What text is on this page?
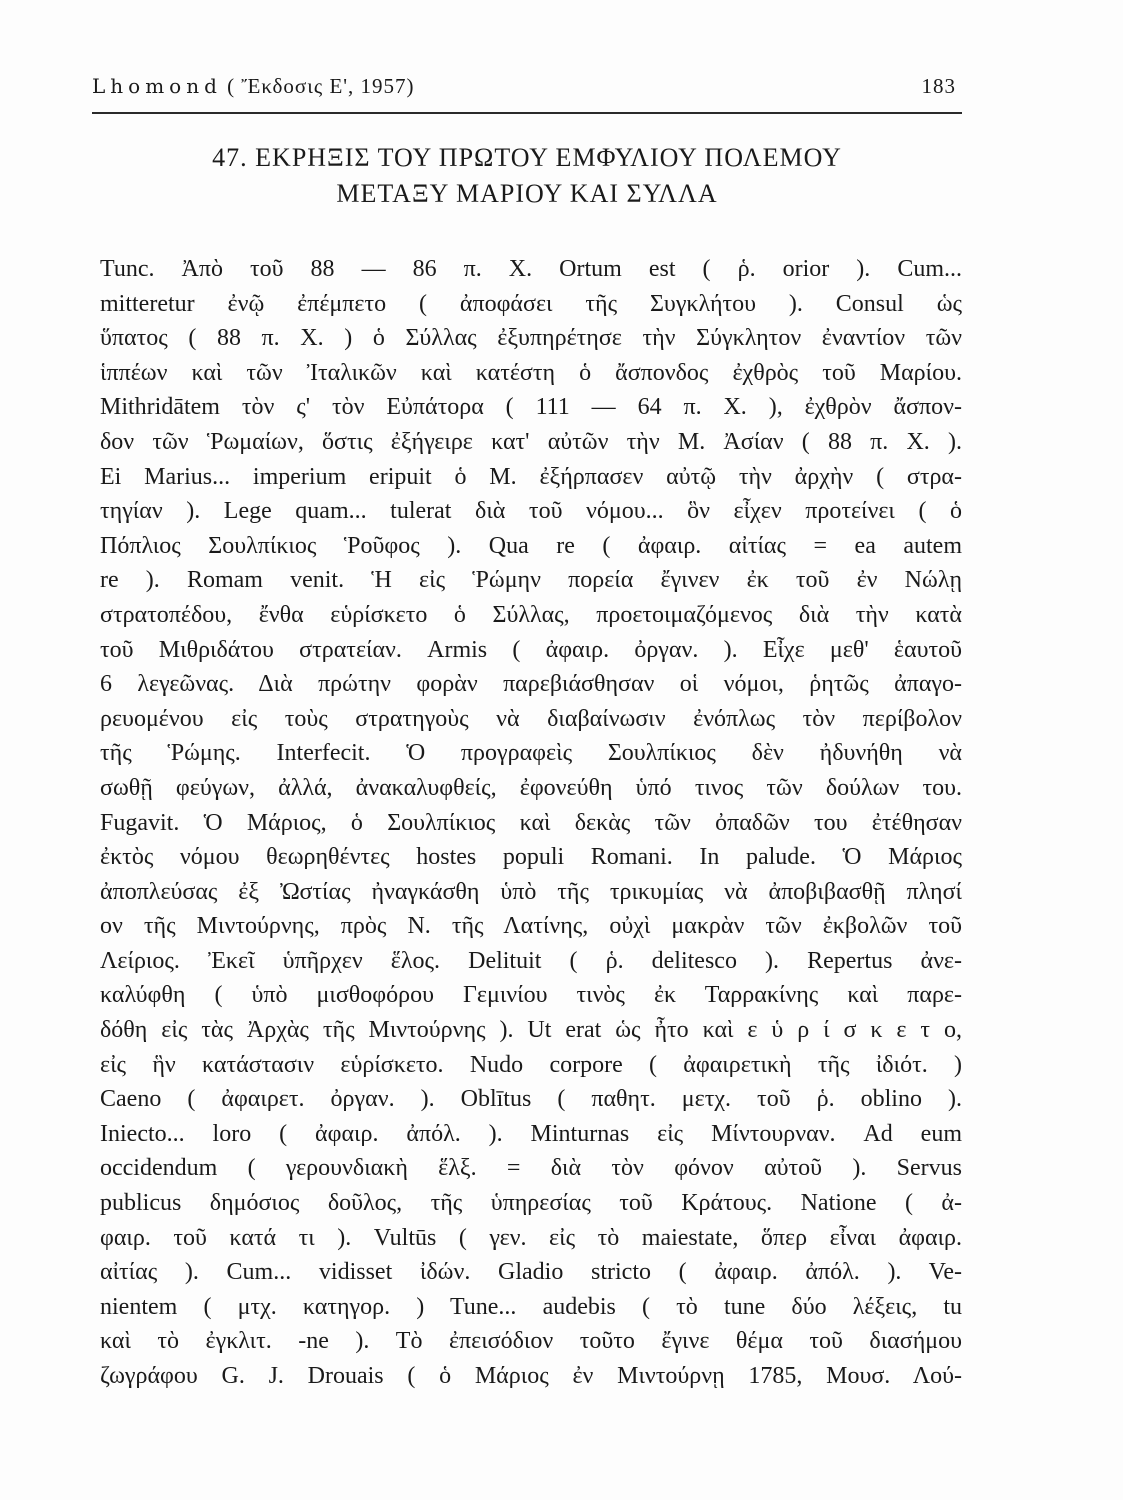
Lhomond ( Ἔκδοσις Ε', 1957)	183
47. ΕΚΡΗΞΙΣ ΤΟΥ ΠΡΩΤΟΥ ΕΜΦΥΛΙΟΥ ΠΟΛΕΜΟΥ
ΜΕΤΑΞΥ ΜΑΡΙΟΥ ΚΑΙ ΣΥΛΛΑ
Tunc. Ἀπὸ τοῦ 88 — 86 π. Χ. Ortum est ( ῥ. orior ). Cum...
mitteretur ἐνῷ ἐπέμπετο ( ἀποφάσει τῆς Συγκλήτου ). Consul ὡς
ὕπατος ( 88 π. Χ. ) ὁ Σύλλας ἐξυπηρέτησε τὴν Σύγκλητον ἐναντίον τῶν
ἱππέων καὶ τῶν Ἰταλικῶν καὶ κατέστη ὁ ἄσπονδος ἐχθρὸς τοῦ Μαρίου.
Mithridātem τὸν ς' τὸν Εὐπάτορα ( 111 — 64 π. Χ. ), ἐχθρὸν ἄσπον-
δον τῶν Ῥωμαίων, ὅστις ἐξήγειρε κατ' αὐτῶν τὴν Μ. Ἀσίαν ( 88 π. Χ. ).
Ei Marius... imperium eripuit ὁ Μ. ἐξήρπασεν αὐτῷ τὴν ἀρχὴν ( στρα-
τηγίαν ). Lege quam... tulerat διὰ τοῦ νόμου... ὃν εἶχεν προτείνει ( ὁ
Πόπλιος Σουλπίκιος Ῥοῦφος ). Qua re ( ἀφαιρ. αἰτίας = ea autem
re ). Romam venit. Ἡ εἰς Ῥώμην πορεία ἔγινεν ἐκ τοῦ ἐν Νώλῃ
στρατοπέδου, ἔνθα εὑρίσκετο ὁ Σύλλας, προετοιμαζόμενος διὰ τὴν κατὰ
τοῦ Μιθριδάτου στρατείαν. Armis ( ἀφαιρ. ὀργαν. ). Εἶχε μεθ' ἑαυτοῦ
6 λεγεῶνας. Διὰ πρώτην φορὰν παρεβιάσθησαν οἱ νόμοι, ῥητῶς ἀπαγο-
ρευομένου εἰς τοὺς στρατηγοὺς νὰ διαβαίνωσιν ἐνόπλως τὸν περίβολον
τῆς Ῥώμης. Interfecit. Ὁ προγραφεὶς Σουλπίκιος δὲν ἠδυνήθη νὰ
σωθῇ φεύγων, ἀλλά, ἀνακαλυφθείς, ἐφονεύθη ὑπό τινος τῶν δούλων του.
Fugavit. Ὁ Μάριος, ὁ Σουλπίκιος καὶ δεκὰς τῶν ὀπαδῶν του ἐτέθησαν
ἐκτὸς νόμου θεωρηθέντες hostes populi Romani. In palude. Ὁ Μάριος
ἀποπλεύσας ἐξ Ὠστίας ἠναγκάσθη ὑπὸ τῆς τρικυμίας νὰ ἀποβιβασθῇ πλησί
ον τῆς Μιντούρνης, πρὸς Ν. τῆς Λατίνης, οὐχὶ μακρὰν τῶν ἐκβολῶν τοῦ
Λείριος. Ἐκεῖ ὑπῆρχεν ἕλος. Delituit ( ῥ. delitesco ). Repertus ἀνε-
καλύφθη ( ὑπὸ μισθοφόρου Γεμινίου τινὸς ἐκ Ταρρακίνης καὶ παρε-
δόθη εἰς τὰς Ἀρχὰς τῆς Μιντούρνης ). Ut erat ὡς ἦτο καὶ ε ὑ ρ ί σ κ ε τ ο,
εἰς ἣν κατάστασιν εὑρίσκετο. Nudo corpore ( ἀφαιρετικὴ τῆς ἰδιότ. )
Caeno ( ἀφαιρετ. ὀργαν. ). Oblītus ( παθητ. μετχ. τοῦ ῥ. oblino ).
Iniecto... loro ( ἀφαιρ. ἀπόλ. ). Minturnas εἰς Μίντουρναν. Ad eum
occidendum ( γερουνδιακὴ ἕλξ. = διὰ τὸν φόνον αὐτοῦ ). Servus
publicus δημόσιος δοῦλος, τῆς ὑπηρεσίας τοῦ Κράτους. Natione ( ἀ-
φαιρ. τοῦ κατά τι ). Vultūs ( γεν. εἰς τὸ maiestate, ὅπερ εἶναι ἀφαιρ.
αἰτίας ). Cum... vidisset ἰδών. Gladio stricto ( ἀφαιρ. ἀπόλ. ). Ve-
nientem ( μτχ. κατηγορ. ) Tune... audebis ( τὸ tune δύο λέξεις, tu
καὶ τὸ ἐγκλιτ. -ne ). Τὸ ἐπεισόδιον τοῦτο ἔγινε θέμα τοῦ διασήμου
ζωγράφου G. J. Drouais ( ὁ Μάριος ἐν Μιντούρνῃ 1785, Μουσ. Λού-
